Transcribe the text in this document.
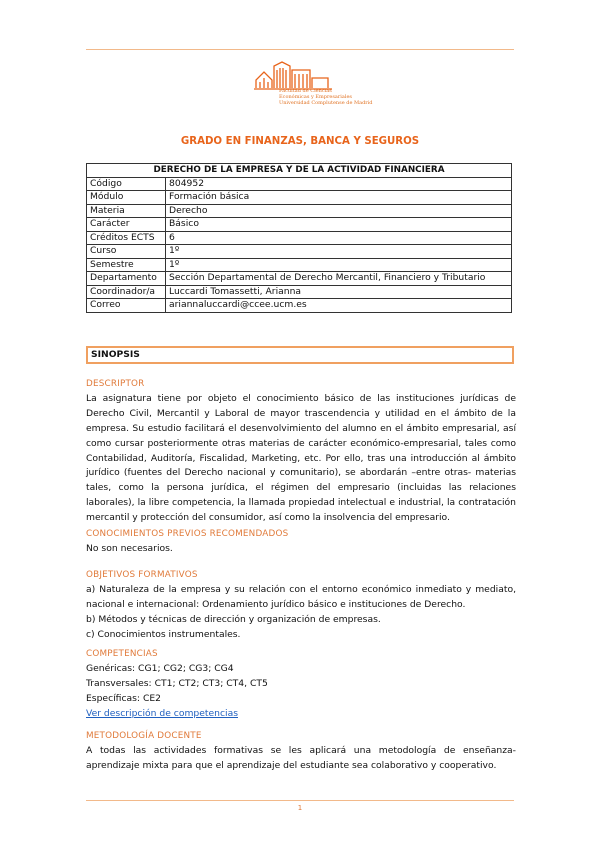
Facultad de Ciencias
Económicas y Empresariales
Universidad Complutense de Madrid
GRADO EN FINANZAS, BANCA Y SEGUROS
DERECHO DE LA EMPRESA Y DE LA ACTIVIDAD FINANCIERA	
Código	804952
Módulo	Formación básica
Materia	Derecho
Carácter	Básico
Créditos ECTS	6
Curso	1º
Semestre	1º
Departamento	Sección Departamental de Derecho Mercantil, Financiero y Tributario
Coordinador/a	Luccardi Tomassetti, Arianna
Correo	ariannaluccardi@ccee.ucm.es
SINOPSIS
DESCRIPTOR
La asignatura tiene por objeto el conocimiento básico de las instituciones jurídicas de Derecho Civil, Mercantil y Laboral de mayor trascendencia y utilidad en el ámbito de la empresa. Su estudio facilitará el desenvolvimiento del alumno en el ámbito empresarial, así como cursar posteriormente otras materias de carácter económico-empresarial, tales como Contabilidad, Auditoría, Fiscalidad, Marketing, etc. Por ello, tras una introducción al ámbito jurídico (fuentes del Derecho nacional y comunitario), se abordarán –entre otras- materias tales, como la persona jurídica, el régimen del empresario (incluidas las relaciones laborales), la libre competencia, la llamada propiedad intelectual e industrial, la contratación mercantil y protección del consumidor, así como la insolvencia del empresario.
CONOCIMIENTOS PREVIOS RECOMENDADOS
No son necesarios.
OBJETIVOS FORMATIVOS
a) Naturaleza de la empresa y su relación con el entorno económico inmediato y mediato, nacional e internacional: Ordenamiento jurídico básico e instituciones de Derecho.
b) Métodos y técnicas de dirección y organización de empresas.
c) Conocimientos instrumentales.
COMPETENCIAS
Genéricas: CG1; CG2; CG3; CG4
Transversales: CT1; CT2; CT3; CT4, CT5
Específicas: CE2
Ver descripción de competencias
METODOLOGÍA DOCENTE
A todas las actividades formativas se les aplicará una metodología de enseñanza-aprendizaje mixta para que el aprendizaje del estudiante sea colaborativo y cooperativo.
1
